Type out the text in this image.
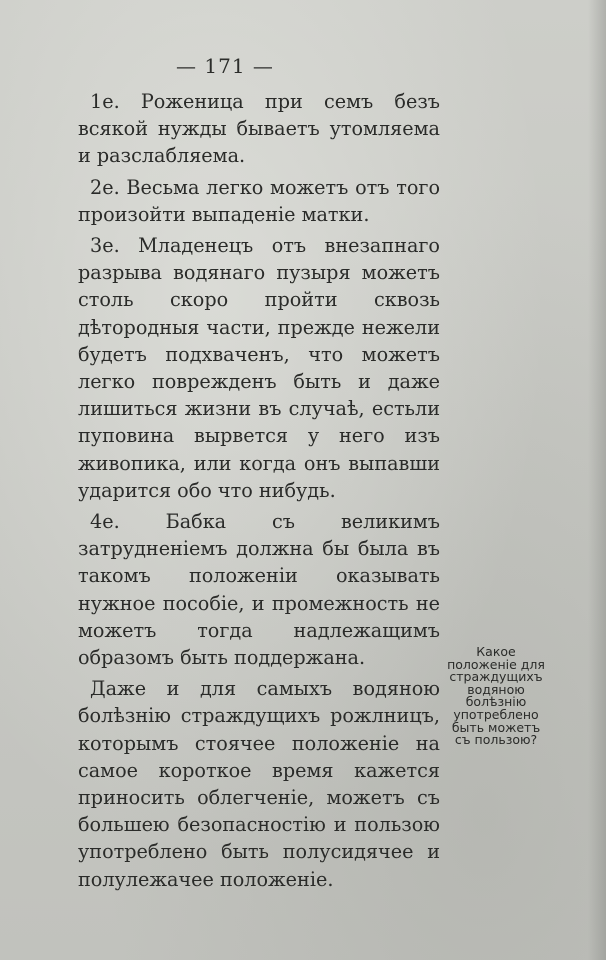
— 171 —

1е. Роженица при семъ безъ всякой нужды бываетъ утомляема и разслабляема.

2е. Весьма легко можетъ отъ того произойти выпаденіе матки.

3е. Младенецъ отъ внезапнаго разрыва водянаго пузыря можетъ столь скоро пройти сквозь дѣтородныя части, прежде нежели будетъ подхваченъ, что можетъ легко поврежденъ быть и даже лишиться жизни въ случаѣ, естьли пуповина вырвется у него изъ живопика, или когда онъ выпавши ударится обо что нибудь.

4е. Бабка съ великимъ затрудненіемъ должна бы была въ такомъ положеніи оказывать нужное пособіе, и промежность не можетъ тогда надлежащимъ образомъ быть поддержана.

Даже и для самыхъ водяною болѣзнію страждущихъ рожлницъ, которымъ стоячее положеніе на самое короткое время кажется приносить облегченіе, можетъ съ большею безопасностію и пользою употреблено быть полусидячее и полулежачее положеніе.

Какое положеніе для страждущихъ водяною болѣзнію употреблено быть можетъ съ пользою?
